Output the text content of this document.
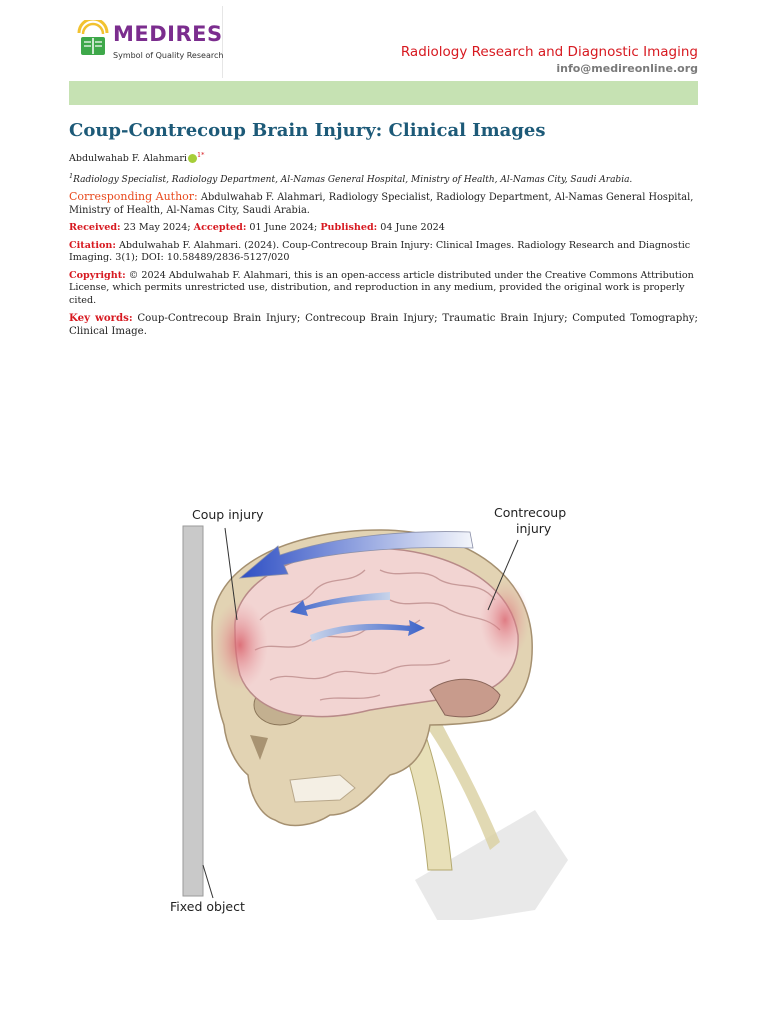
MEDIRES
Symbol of Quality Research	Radiology Research and Diagnostic Imaging
info@medireonline.org
Coup-Contrecoup Brain Injury: Clinical Images
Abdulwahab F. Alahmari $^{1*}$
$^1$Radiology Specialist, Radiology Department, Al-Namas General Hospital, Ministry of Health, Al-Namas City, Saudi Arabia.
Corresponding Author: Abdulwahab F. Alahmari, Radiology Specialist, Radiology Department, Al-Namas General Hospital, Ministry of Health, Al-Namas City, Saudi Arabia.
Received: 23 May 2024; Accepted: 01 June 2024; Published: 04 June 2024
Citation: Abdulwahab F. Alahmari. (2024). Coup-Contrecoup Brain Injury: Clinical Images. Radiology Research and Diagnostic Imaging. 3(1); DOI: 10.58489/2836-5127/020
Copyright: © 2024 Abdulwahab F. Alahmari, this is an open-access article distributed under the Creative Commons Attribution License, which permits unrestricted use, distribution, and reproduction in any medium, provided the original work is properly cited.
Key words: Coup-Contrecoup Brain Injury; Contrecoup Brain Injury; Traumatic Brain Injury; Computed Tomography; Clinical Image.
Coup injury	Contrecoup
injury
Fixed object
